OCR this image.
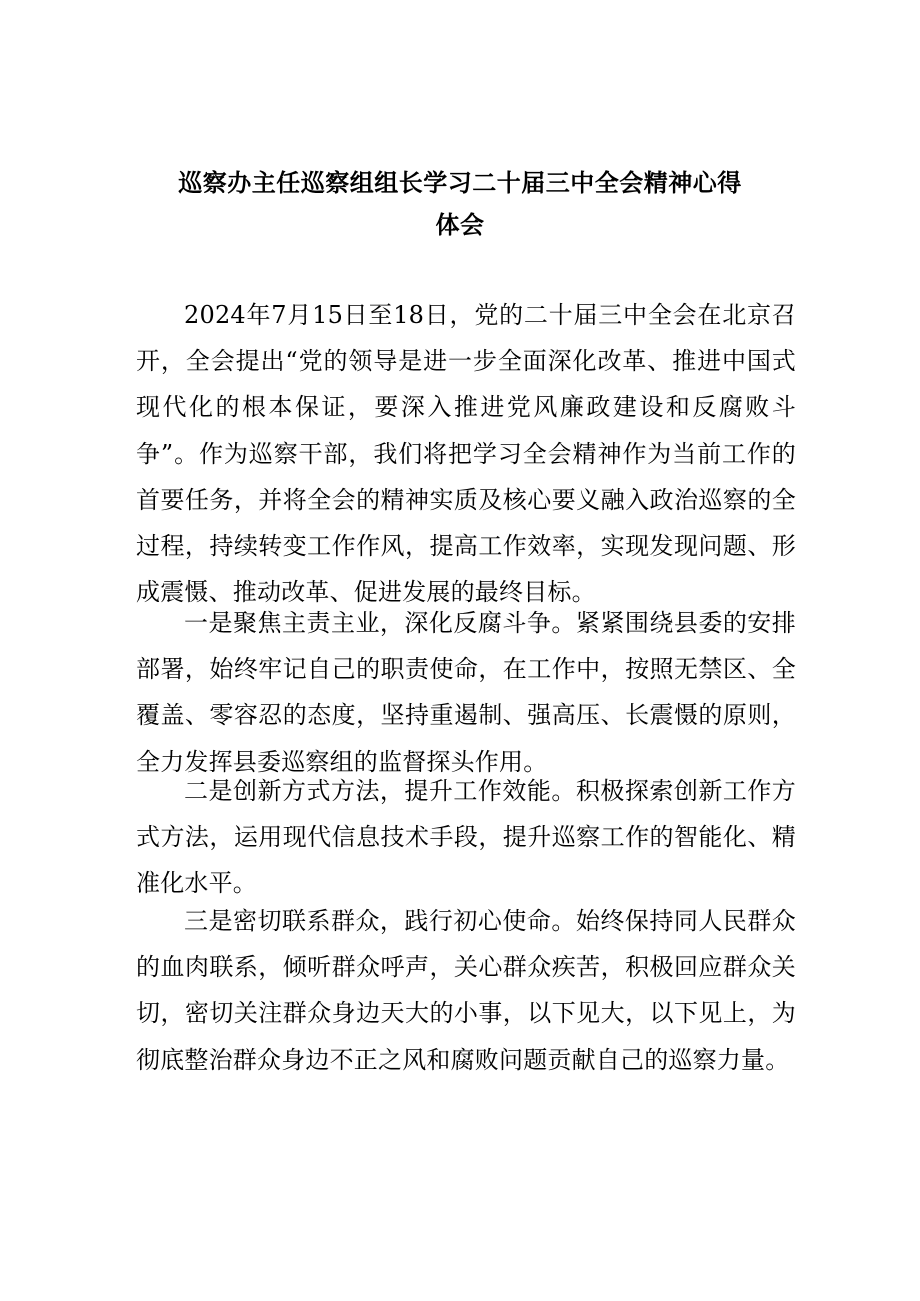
巡察办主任巡察组组长学习二十届三中全会精神心得
体会

2024年7月15日至18日，党的二十届三中全会在北京召开，全会提出“党的领导是进一步全面深化改革、推进中国式现代化的根本保证，要深入推进党风廉政建设和反腐败斗争”。作为巡察干部，我们将把学习全会精神作为当前工作的首要任务，并将全会的精神实质及核心要义融入政治巡察的全过程，持续转变工作作风，提高工作效率，实现发现问题、形成震慑、推动改革、促进发展的最终目标。

一是聚焦主责主业，深化反腐斗争。紧紧围绕县委的安排部署，始终牢记自己的职责使命，在工作中，按照无禁区、全覆盖、零容忍的态度，坚持重遏制、强高压、长震慑的原则，全力发挥县委巡察组的监督探头作用。

二是创新方式方法，提升工作效能。积极探索创新工作方式方法，运用现代信息技术手段，提升巡察工作的智能化、精准化水平。

三是密切联系群众，践行初心使命。始终保持同人民群众的血肉联系，倾听群众呼声，关心群众疾苦，积极回应群众关切，密切关注群众身边天大的小事，以下见大，以下见上，为彻底整治群众身边不正之风和腐败问题贡献自己的巡察力量。
